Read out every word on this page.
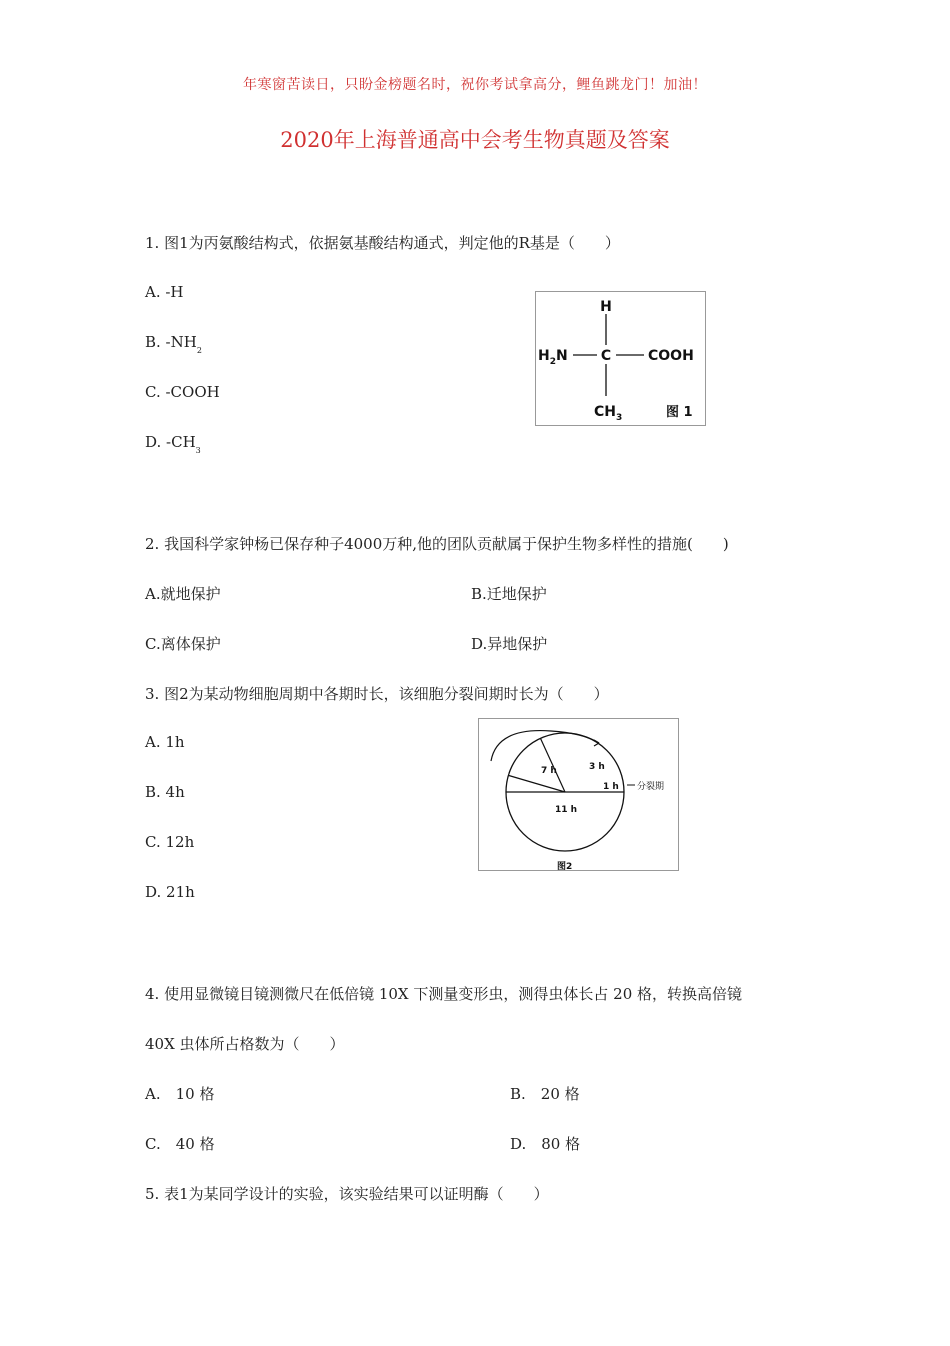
年寒窗苦读日，只盼金榜题名时，祝你考试拿高分，鲤鱼跳龙门！加油！
2020年上海普通高中会考生物真题及答案
1. 图1为丙氨酸结构式，依据氨基酸结构通式，判定他的R基是（　　）
A. -H
B. $-NH_2$
C. -COOH
D. $-CH_3$
H
C
$H_2N$	COOH
$CH_3$	图 1
2. 我国科学家钟杨已保存种子4000万种,他的团队贡献属于保护生物多样性的措施(　　)
A.就地保护	B.迁地保护
C.离体保护	D.异地保护
3. 图2为某动物细胞周期中各期时长，该细胞分裂间期时长为（　　）
A. 1h
B. 4h
C. 12h
D. 21h
分裂期
7 h	3 h
1 h
11 h
图2
4. 使用显微镜目镜测微尺在低倍镜 10X 下测量变形虫，测得虫体长占 20 格，转换高倍镜
40X 虫体所占格数为（　　）
A.　10 格	B.　20 格
C.　40 格	D.　80 格
5. 表1为某同学设计的实验，该实验结果可以证明酶（　　）
